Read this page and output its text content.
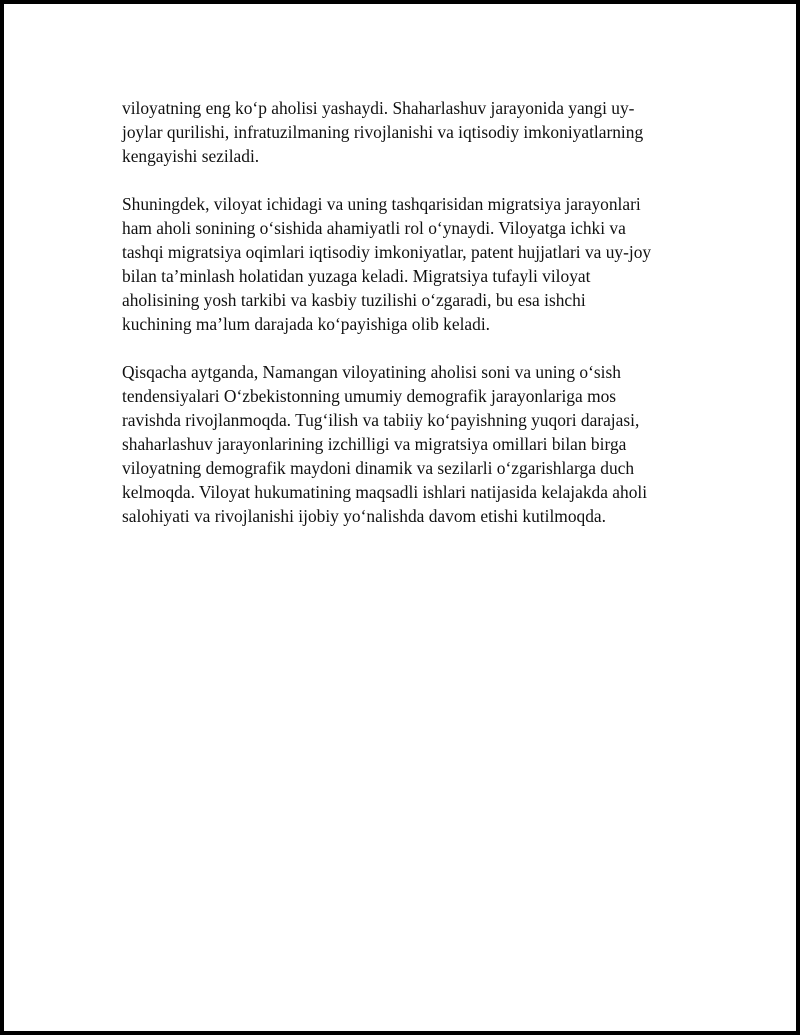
viloyatning eng ko‘p aholisi yashaydi. Shaharlashuv jarayonida yangi uy-
joylar qurilishi, infratuzilmaning rivojlanishi va iqtisodiy imkoniyatlarning
kengayishi seziladi.

Shuningdek, viloyat ichidagi va uning tashqarisidan migratsiya jarayonlari
ham aholi sonining o‘sishida ahamiyatli rol o‘ynaydi. Viloyatga ichki va
tashqi migratsiya oqimlari iqtisodiy imkoniyatlar, patent hujjatlari va uy-joy
bilan ta’minlash holatidan yuzaga keladi. Migratsiya tufayli viloyat
aholisining yosh tarkibi va kasbiy tuzilishi o‘zgaradi, bu esa ishchi
kuchining ma’lum darajada ko‘payishiga olib keladi.

Qisqacha aytganda, Namangan viloyatining aholisi soni va uning o‘sish
tendensiyalari O‘zbekistonning umumiy demografik jarayonlariga mos
ravishda rivojlanmoqda. Tug‘ilish va tabiiy ko‘payishning yuqori darajasi,
shaharlashuv jarayonlarining izchilligi va migratsiya omillari bilan birga
viloyatning demografik maydoni dinamik va sezilarli o‘zgarishlarga duch
kelmoqda. Viloyat hukumatining maqsadli ishlari natijasida kelajakda aholi
salohiyati va rivojlanishi ijobiy yo‘nalishda davom etishi kutilmoqda.
